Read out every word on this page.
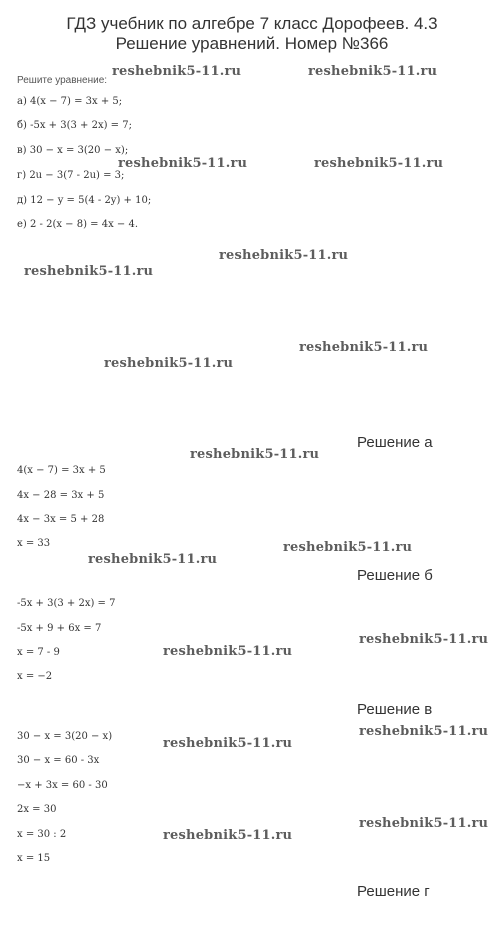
ГДЗ учебник по алгебре 7 класс Дорофеев. 4.3 Решение уравнений. Номер №366
Решите уравнение:
а) 4(x − 7) = 3x + 5;
б) -5x + 3(3 + 2x) = 7;
в) 30 − x = 3(20 − x);
г) 2u − 3(7 - 2u) = 3;
д) 12 − y = 5(4 - 2y) + 10;
е) 2 - 2(x − 8) = 4x − 4.
Решение а
4(x − 7) = 3x + 5
4x − 28 = 3x + 5
4x − 3x = 5 + 28
x = 33
Решение б
-5x + 3(3 + 2x) = 7
-5x + 9 + 6x = 7
x = 7 - 9
x = −2
Решение в
30 − x = 3(20 − x)
30 − x = 60 - 3x
−x + 3x = 60 - 30
2x = 30
x = 30 : 2
x = 15
Решение г
reshebnik5-11.ru	reshebnik5-11.ru
reshebnik5-11.ru	reshebnik5-11.ru
reshebnik5-11.ru
reshebnik5-11.ru
reshebnik5-11.ru
reshebnik5-11.ru
reshebnik5-11.ru
reshebnik5-11.ru
reshebnik5-11.ru
reshebnik5-11.ru
reshebnik5-11.ru
reshebnik5-11.ru
reshebnik5-11.ru
reshebnik5-11.ru
reshebnik5-11.ru
